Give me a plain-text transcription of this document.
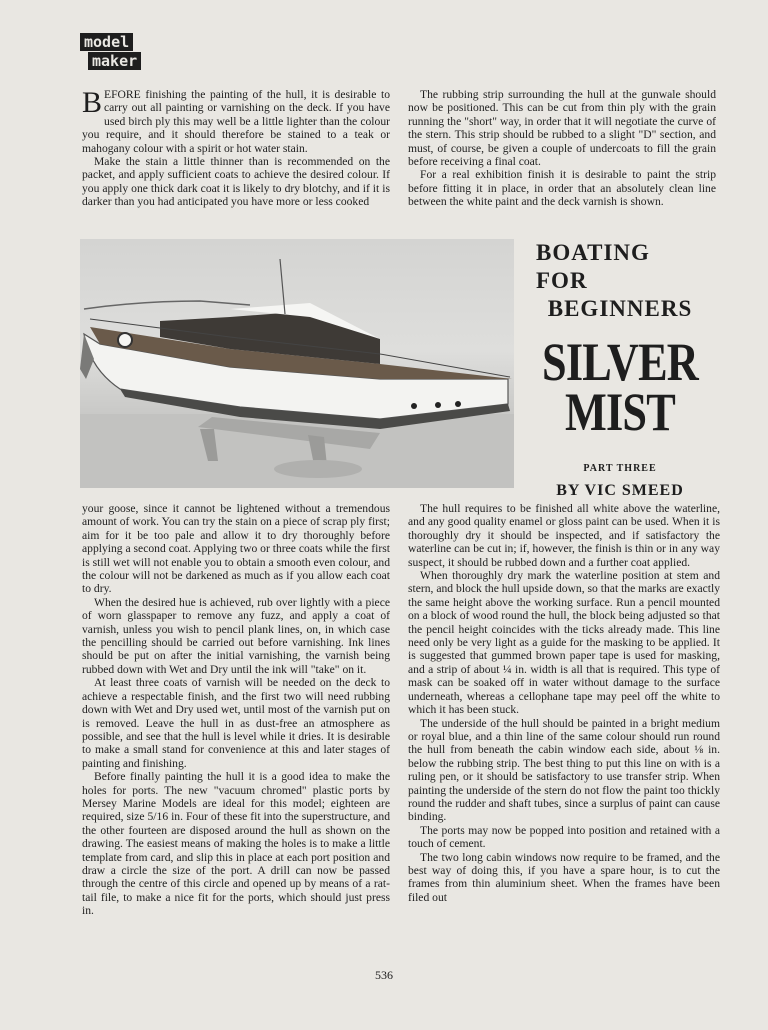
model
maker

BEFORE finishing the painting of the hull, it is desirable to carry out all painting or varnishing on the deck. If you have used birch ply this may well be a little lighter than the colour you require, and it should therefore be stained to a teak or mahogany colour with a spirit or hot water stain.

Make the stain a little thinner than is recommended on the packet, and apply sufficient coats to achieve the desired colour. If you apply one thick dark coat it is likely to dry blotchy, and if it is darker than you had anticipated you have more or less cooked

The rubbing strip surrounding the hull at the gunwale should now be positioned. This can be cut from thin ply with the grain running the "short" way, in order that it will negotiate the curve of the stern. This strip should be rubbed to a slight "D" section, and must, of course, be given a couple of undercoats to fill the grain before receiving a final coat.

For a real exhibition finish it is desirable to paint the strip before fitting it in place, in order that an absolutely clean line between the white paint and the deck varnish is shown.

BOATING FOR
BEGINNERS
SILVER
MIST
PART THREE
BY VIC SMEED

your goose, since it cannot be lightened without a tremendous amount of work. You can try the stain on a piece of scrap ply first; aim for it be too pale and allow it to dry thoroughly before applying a second coat. Applying two or three coats while the first is still wet will not enable you to obtain a smooth even colour, and the colour will not be darkened as much as if you allow each coat to dry.

When the desired hue is achieved, rub over lightly with a piece of worn glasspaper to remove any fuzz, and apply a coat of varnish, unless you wish to pencil plank lines, on, in which case the pencilling should be carried out before varnishing. Ink lines should be put on after the initial varnishing, the varnish being rubbed down with Wet and Dry until the ink will "take" on it.

At least three coats of varnish will be needed on the deck to achieve a respectable finish, and the first two will need rubbing down with Wet and Dry used wet, until most of the varnish put on is removed. Leave the hull in as dust-free an atmosphere as possible, and see that the hull is level while it dries. It is desirable to make a small stand for convenience at this and later stages of painting and finishing.

Before finally painting the hull it is a good idea to make the holes for ports. The new "vacuum chromed" plastic ports by Mersey Marine Models are ideal for this model; eighteen are required, size 5/16 in. Four of these fit into the superstructure, and the other fourteen are disposed around the hull as shown on the drawing. The easiest means of making the holes is to make a little template from card, and slip this in place at each port position and draw a circle the size of the port. A drill can now be passed through the centre of this circle and opened up by means of a rat-tail file, to make a nice fit for the ports, which should just press in.

The hull requires to be finished all white above the waterline, and any good quality enamel or gloss paint can be used. When it is thoroughly dry it should be inspected, and if satisfactory the waterline can be cut in; if, however, the finish is thin or in any way suspect, it should be rubbed down and a further coat applied.

When thoroughly dry mark the waterline position at stem and stern, and block the hull upside down, so that the marks are exactly the same height above the working surface. Run a pencil mounted on a block of wood round the hull, the block being adjusted so that the pencil height coincides with the ticks already made. This line need only be very light as a guide for the masking to be applied. It is suggested that gummed brown paper tape is used for masking, and a strip of about ¼ in. width is all that is required. This type of mask can be soaked off in water without damage to the surface underneath, whereas a cellophane tape may peel off the white to which it has been stuck.

The underside of the hull should be painted in a bright medium or royal blue, and a thin line of the same colour should run round the hull from beneath the cabin window each side, about ⅛ in. below the rubbing strip. The best thing to put this line on with is a ruling pen, or it should be satisfactory to use transfer strip. When painting the underside of the stern do not flow the paint too thickly round the rudder and shaft tubes, since a surplus of paint can cause binding.

The ports may now be popped into position and retained with a touch of cement.

The two long cabin windows now require to be framed, and the best way of doing this, if you have a spare hour, is to cut the frames from thin aluminium sheet. When the frames have been filed out

536
